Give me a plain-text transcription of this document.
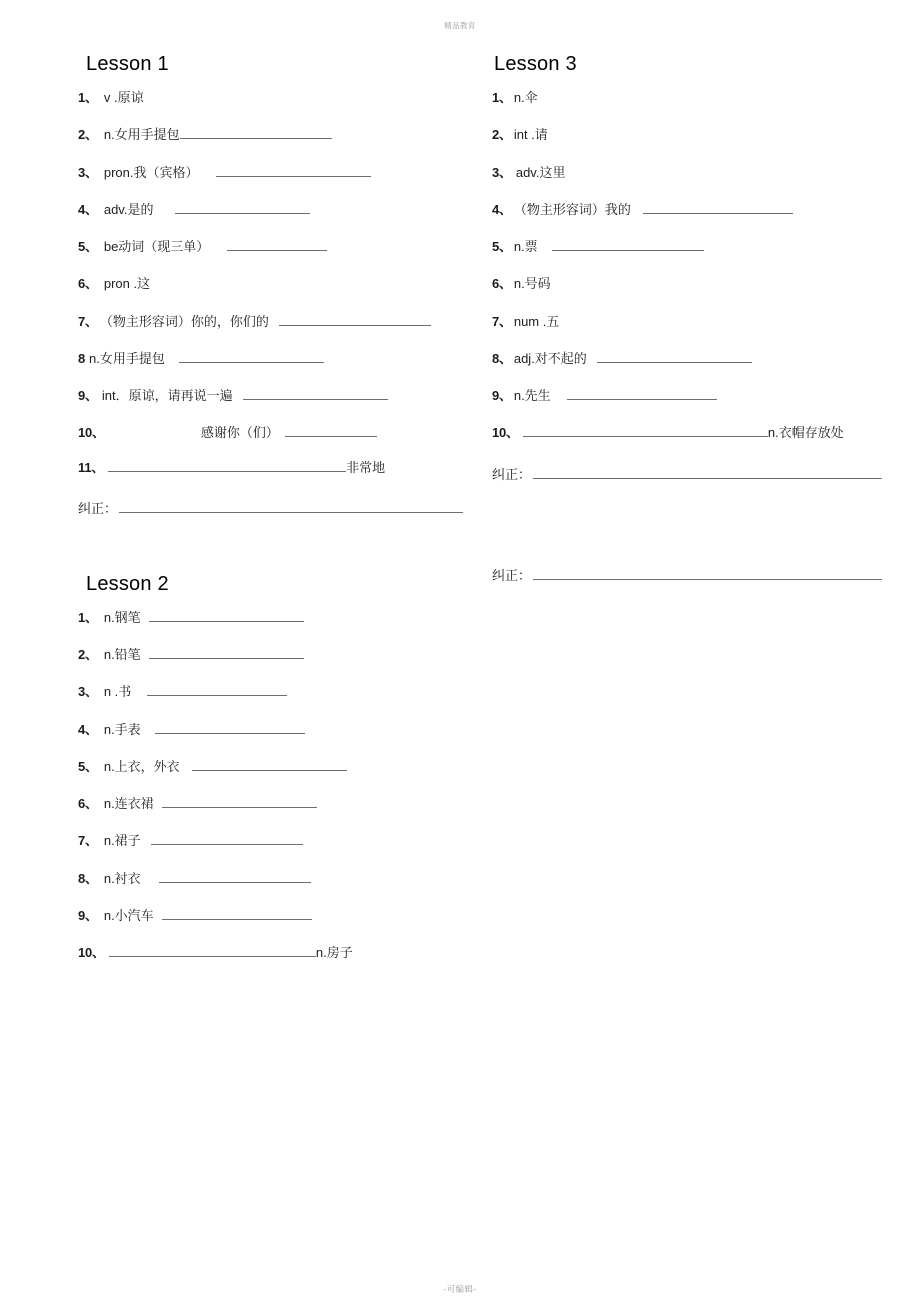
精品教育
Lesson 1
1、 v .原谅
2、 n.女用手提包
3、 pron.我（宾格）
4、 adv.是的
5、 be动词（现三单）
6、 pron .这
7、 （物主形容词）你的，你们的
8 n.女用手提包
9、 int．原谅，请再说一遍
10、	感谢你（们）
11、	非常地
纠正：
Lesson 2
1、 n.钢笔
2、 n.铅笔
3、 n .书
4、 n.手表
5、 n.上衣，外衣
6、 n.连衣裙
7、 n.裙子
8、 n.衬衣
9、 n.小汽车
10、	n.房子
Lesson 3
1、 n.伞
2、 int .请
3、 adv.这里
4、 （物主形容词）我的
5、 n.票
6、 n.号码
7、 num .五
8、 adj.对不起的
9、 n.先生
10、	n.衣帽存放处
纠正：
纠正：
-可编辑-
